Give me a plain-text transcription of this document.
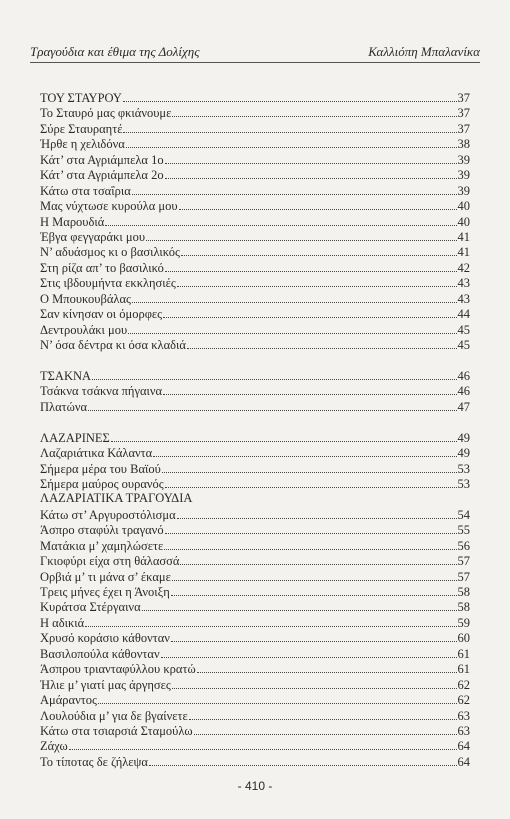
Τραγούδια και έθιμα της Δολίχης	Καλλιόπη Μπαλανίκα
ΤΟΥ ΣΤΑΥΡΟΥ	37
Το Σταυρό μας φκιάνουμε	37
Σύρε Σταυραητέ	37
Ήρθε η χελιδόνα	38
Κάτ’ στα Αγριάμπελα 1ο	39
Κάτ’ στα Αγριάμπελα 2ο	39
Κάτω στα τσαΐρια	39
Μας νύχτωσε κυρούλα μου	40
Η Μαρουδιά	40
Έβγα φεγγαράκι μου	41
Ν’ αδυάσμος κι ο βασιλικός	41
Στη ρίζα απ’ το βασιλικό	42
Στις ιβδουμήντα εκκλησιές	43
Ο Μπουκουβάλας	43
Σαν κίνησαν οι όμορφες	44
Δεντρουλάκι μου	45
Ν’ όσα δέντρα κι όσα κλαδιά	45
ΤΣΑΚΝΑ	46
Τσάκνα τσάκνα πήγαινα	46
Πλατώνα	47
ΛΑΖΑΡΙΝΕΣ	49
Λαζαριάτικα Κάλαντα	49
Σήμερα μέρα του Βαϊού	53
Σήμερα μαύρος ουρανός	53
ΛΑΖΑΡΙΑΤΙΚΑ ΤΡΑΓΟΥΔΙΑ
Κάτω στ’ Αργυροστόλισμα	54
Άσπρο σταφύλι τραγανό	55
Ματάκια μ’ χαμηλώσετε	56
Γκιοφύρι είχα στη θάλασσά	57
Ορβιά μ’ τι μάνα σ’ έκαμε	57
Τρεις μήνες έχει η Άνοιξη	58
Κυράτσα Στέργαινα	58
Η αδικιά	59
Χρυσό κοράσιο κάθονταν	60
Βασιλοπούλα κάθονταν	61
Άσπρου τριανταφύλλου κρατώ	61
Ήλιε μ’ γιατί μας άργησες	62
Αμάραντος	62
Λουλούδια μ’ για δε βγαίνετε	63
Κάτω στα τσιαρσιά Σταμούλω	63
Ζάχω	64
Το τίποτας δε ζήλεψα	64
- 410 -
